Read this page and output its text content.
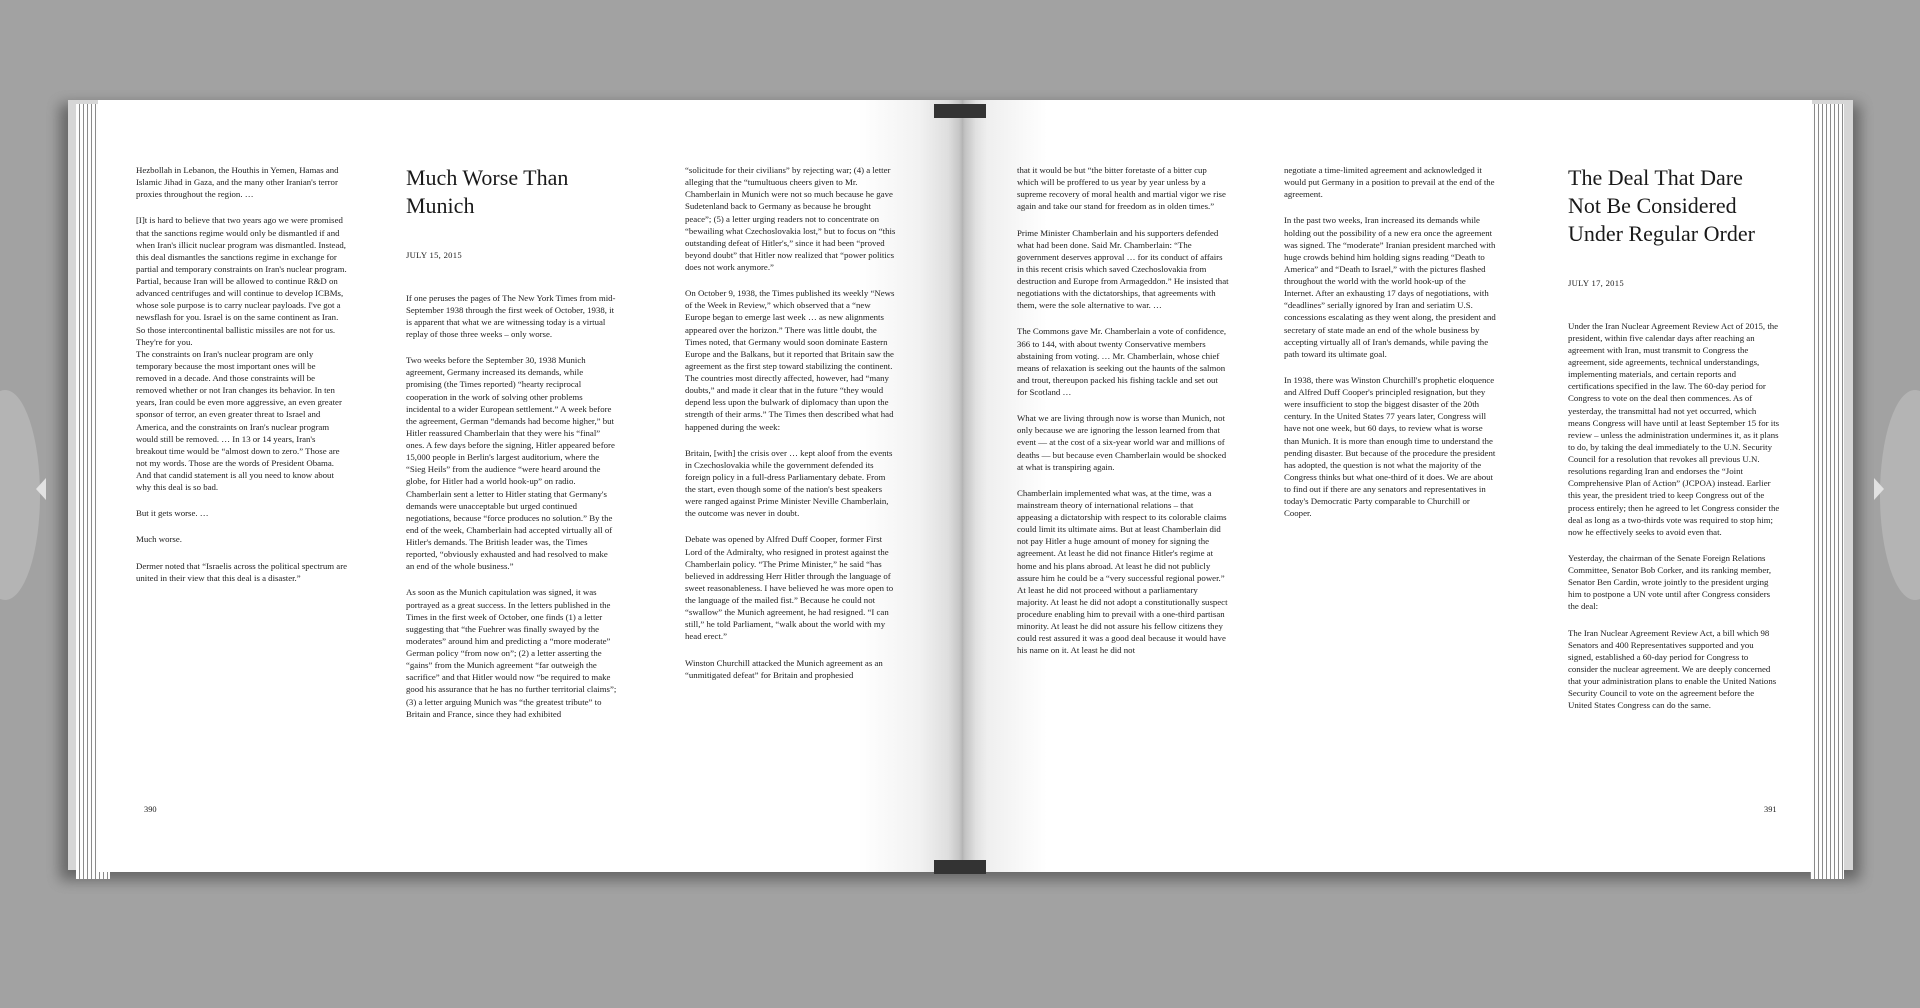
Hezbollah in Lebanon, the Houthis in Yemen, Hamas and Islamic Jihad in Gaza, and the many other Iranian's terror proxies throughout the region. …

[I]t is hard to believe that two years ago we were promised that the sanctions regime would only be dismantled if and when Iran's illicit nuclear program was dismantled. Instead, this deal dismantles the sanctions regime in exchange for partial and temporary constraints on Iran's nuclear program. Partial, because Iran will be allowed to continue R&D on advanced centrifuges and will continue to develop ICBMs, whose sole purpose is to carry nuclear payloads. I've got a newsflash for you. Israel is on the same continent as Iran. So those intercontinental ballistic missiles are not for us. They're for you.
The constraints on Iran's nuclear program are only temporary because the most important ones will be removed in a decade. And those constraints will be removed whether or not Iran changes its behavior. In ten years, Iran could be even more aggressive, an even greater sponsor of terror, an even greater threat to Israel and America, and the constraints on Iran's nuclear program would still be removed. … In 13 or 14 years, Iran's breakout time would be “almost down to zero.” Those are not my words. Those are the words of President Obama. And that candid statement is all you need to know about why this deal is so bad.

But it gets worse. …

Much worse.

Dermer noted that “Israelis across the political spectrum are united in their view that this deal is a disaster.”

Much Worse Than Munich
JULY 15, 2015

If one peruses the pages of The New York Times from mid-September 1938 through the first week of October, 1938, it is apparent that what we are witnessing today is a virtual replay of those three weeks – only worse.

Two weeks before the September 30, 1938 Munich agreement, Germany increased its demands, while promising (the Times reported) “hearty reciprocal cooperation in the work of solving other problems incidental to a wider European settlement.” A week before the agreement, German “demands had become higher,” but Hitler reassured Chamberlain that they were his “final” ones. A few days before the signing, Hitler appeared before 15,000 people in Berlin's largest auditorium, where the “Sieg Heils” from the audience “were heard around the globe, for Hitler had a world hook-up” on radio. Chamberlain sent a letter to Hitler stating that Germany's demands were unacceptable but urged continued negotiations, because “force produces no solution.” By the end of the week, Chamberlain had accepted virtually all of Hitler's demands. The British leader was, the Times reported, “obviously exhausted and had resolved to make an end of the whole business.”

As soon as the Munich capitulation was signed, it was portrayed as a great success. In the letters published in the Times in the first week of October, one finds (1) a letter suggesting that “the Fuehrer was finally swayed by the moderates” around him and predicting a “more moderate” German policy “from now on”; (2) a letter asserting the “gains” from the Munich agreement “far outweigh the sacrifice” and that Hitler would now “be required to make good his assurance that he has no further territorial claims”; (3) a letter arguing Munich was “the greatest tribute” to Britain and France, since they had exhibited

“solicitude for their civilians” by rejecting war; (4) a letter alleging that the “tumultuous cheers given to Mr. Chamberlain in Munich were not so much because he gave Sudetenland back to Germany as because he brought peace”; (5) a letter urging readers not to concentrate on “bewailing what Czechoslovakia lost,” but to focus on “this outstanding defeat of Hitler's,” since it had been “proved beyond doubt” that Hitler now realized that “power politics does not work anymore.”

On October 9, 1938, the Times published its weekly “News of the Week in Review,” which observed that a “new Europe began to emerge last week … as new alignments appeared over the horizon.” There was little doubt, the Times noted, that Germany would soon dominate Eastern Europe and the Balkans, but it reported that Britain saw the agreement as the first step toward stabilizing the continent. The countries most directly affected, however, had “many doubts,” and made it clear that in the future “they would depend less upon the bulwark of diplomacy than upon the strength of their arms.” The Times then described what had happened during the week:

Britain, [with] the crisis over … kept aloof from the events in Czechoslovakia while the government defended its foreign policy in a full-dress Parliamentary debate. From the start, even though some of the nation's best speakers were ranged against Prime Minister Neville Chamberlain, the outcome was never in doubt.

Debate was opened by Alfred Duff Cooper, former First Lord of the Admiralty, who resigned in protest against the Chamberlain policy. “The Prime Minister,” he said “has believed in addressing Herr Hitler through the language of sweet reasonableness. I have believed he was more open to the language of the mailed fist.” Because he could not “swallow” the Munich agreement, he had resigned. “I can still,” he told Parliament, “walk about the world with my head erect.”

Winston Churchill attacked the Munich agreement as an “unmitigated defeat” for Britain and prophesied

390

that it would be but “the bitter foretaste of a bitter cup which will be proffered to us year by year unless by a supreme recovery of moral health and martial vigor we rise again and take our stand for freedom as in olden times.”

Prime Minister Chamberlain and his supporters defended what had been done. Said Mr. Chamberlain: “The government deserves approval … for its conduct of affairs in this recent crisis which saved Czechoslovakia from destruction and Europe from Armageddon.” He insisted that negotiations with the dictatorships, that agreements with them, were the sole alternative to war. …

The Commons gave Mr. Chamberlain a vote of confidence, 366 to 144, with about twenty Conservative members abstaining from voting. … Mr. Chamberlain, whose chief means of relaxation is seeking out the haunts of the salmon and trout, thereupon packed his fishing tackle and set out for Scotland …

What we are living through now is worse than Munich, not only because we are ignoring the lesson learned from that event — at the cost of a six-year world war and millions of deaths — but because even Chamberlain would be shocked at what is transpiring again.

Chamberlain implemented what was, at the time, was a mainstream theory of international relations – that appeasing a dictatorship with respect to its colorable claims could limit its ultimate aims. But at least Chamberlain did not pay Hitler a huge amount of money for signing the agreement. At least he did not finance Hitler's regime at home and his plans abroad. At least he did not publicly assure him he could be a “very successful regional power.” At least he did not proceed without a parliamentary majority. At least he did not adopt a constitutionally suspect procedure enabling him to prevail with a one-third partisan minority. At least he did not assure his fellow citizens they could rest assured it was a good deal because it would have his name on it. At least he did not

negotiate a time-limited agreement and acknowledged it would put Germany in a position to prevail at the end of the agreement.

In the past two weeks, Iran increased its demands while holding out the possibility of a new era once the agreement was signed. The “moderate” Iranian president marched with huge crowds behind him holding signs reading “Death to America” and “Death to Israel,” with the pictures flashed throughout the world with the world hook-up of the Internet. After an exhausting 17 days of negotiations, with “deadlines” serially ignored by Iran and seriatim U.S. concessions escalating as they went along, the president and secretary of state made an end of the whole business by accepting virtually all of Iran's demands, while paving the path toward its ultimate goal.

In 1938, there was Winston Churchill's prophetic eloquence and Alfred Duff Cooper's principled resignation, but they were insufficient to stop the biggest disaster of the 20th century. In the United States 77 years later, Congress will have not one week, but 60 days, to review what is worse than Munich. It is more than enough time to understand the pending disaster. But because of the procedure the president has adopted, the question is not what the majority of the Congress thinks but what one-third of it does. We are about to find out if there are any senators and representatives in today's Democratic Party comparable to Churchill or Cooper.

The Deal That Dare Not Be Considered Under Regular Order
JULY 17, 2015

Under the Iran Nuclear Agreement Review Act of 2015, the president, within five calendar days after reaching an agreement with Iran, must transmit to Congress the agreement, side agreements, technical understandings, implementing materials, and certain reports and certifications specified in the law. The 60-day period for Congress to vote on the deal then commences. As of yesterday, the transmittal had not yet occurred, which means Congress will have until at least September 15 for its review – unless the administration undermines it, as it plans to do, by taking the deal immediately to the U.N. Security Council for a resolution that revokes all previous U.N. resolutions regarding Iran and endorses the “Joint Comprehensive Plan of Action” (JCPOA) instead. Earlier this year, the president tried to keep Congress out of the process entirely; then he agreed to let Congress consider the deal as long as a two-thirds vote was required to stop him; now he effectively seeks to avoid even that.

Yesterday, the chairman of the Senate Foreign Relations Committee, Senator Bob Corker, and its ranking member, Senator Ben Cardin, wrote jointly to the president urging him to postpone a UN vote until after Congress considers the deal:

The Iran Nuclear Agreement Review Act, a bill which 98 Senators and 400 Representatives supported and you signed, established a 60-day period for Congress to consider the nuclear agreement. We are deeply concerned that your administration plans to enable the United Nations Security Council to vote on the agreement before the United States Congress can do the same.

391
